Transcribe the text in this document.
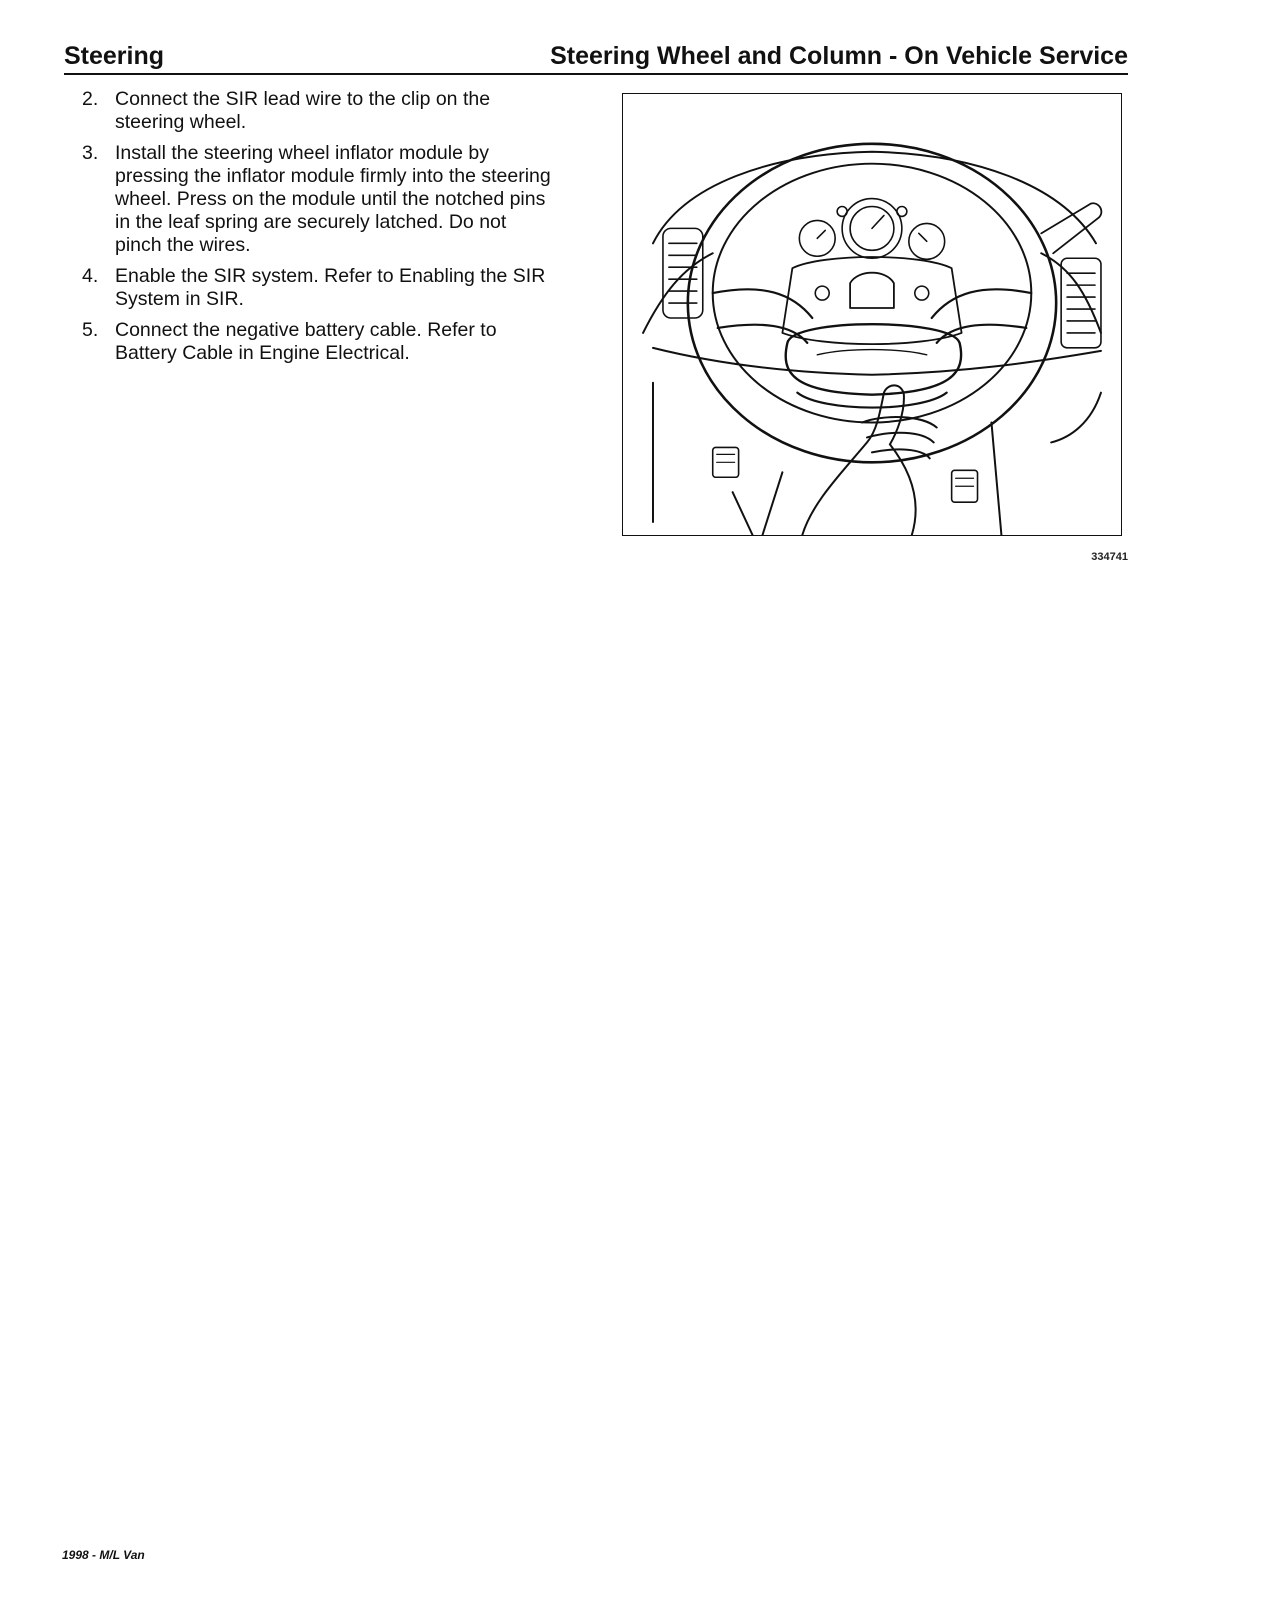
Steering	Steering Wheel and Column - On Vehicle Service
2. Connect the SIR lead wire to the clip on the steering wheel.
3. Install the steering wheel inflator module by pressing the inflator module firmly into the steering wheel. Press on the module until the notched pins in the leaf spring are securely latched. Do not pinch the wires.
4. Enable the SIR system. Refer to Enabling the SIR System in SIR.
5. Connect the negative battery cable. Refer to Battery Cable in Engine Electrical.
334741
1998 - M/L Van
